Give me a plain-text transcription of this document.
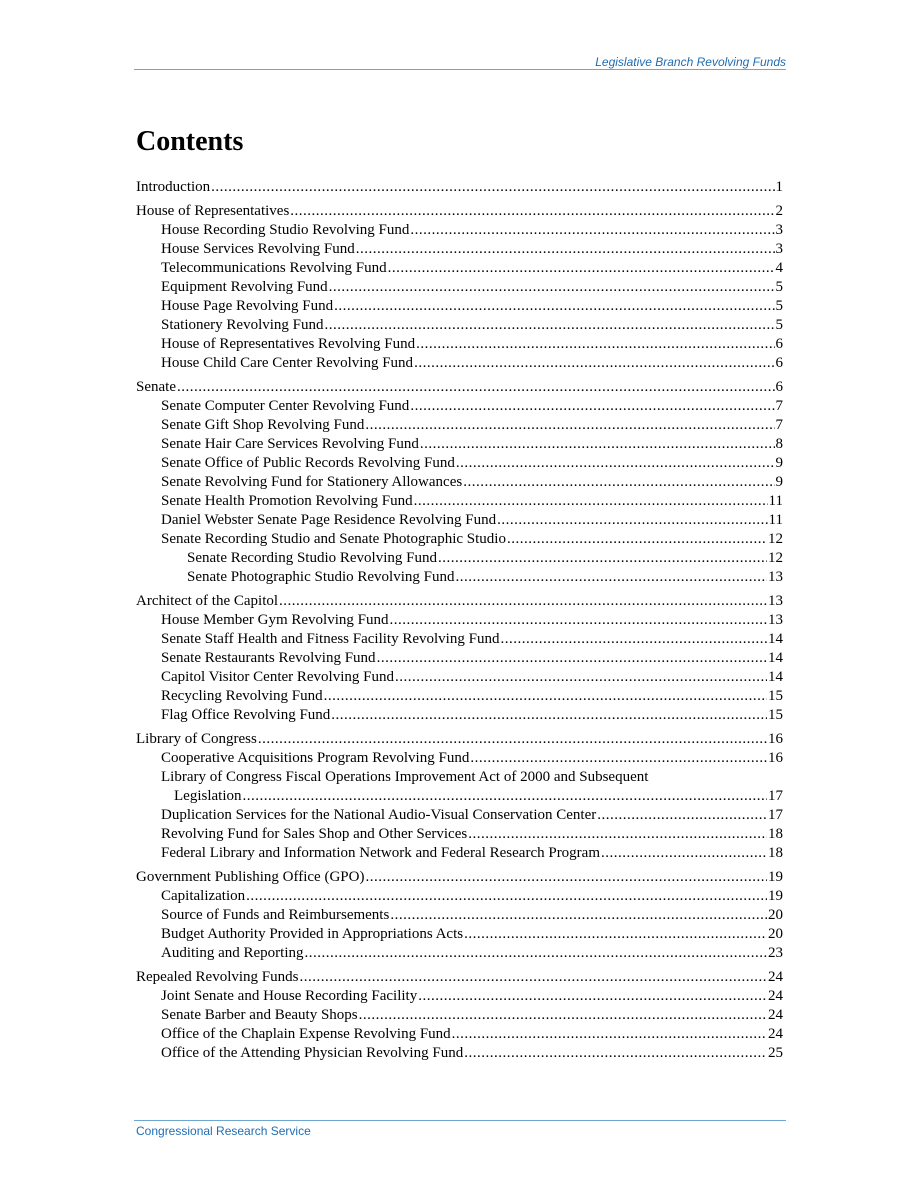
Legislative Branch Revolving Funds
Contents
Introduction .....	1
House of Representatives .....	2
House Recording Studio Revolving Fund .....	3
House Services Revolving Fund .....	3
Telecommunications Revolving Fund .....	4
Equipment Revolving Fund .....	5
House Page Revolving Fund .....	5
Stationery Revolving Fund .....	5
House of Representatives Revolving Fund .....	6
House Child Care Center Revolving Fund .....	6
Senate .....	6
Senate Computer Center Revolving Fund .....	7
Senate Gift Shop Revolving Fund .....	7
Senate Hair Care Services Revolving Fund .....	8
Senate Office of Public Records Revolving Fund .....	9
Senate Revolving Fund for Stationery Allowances .....	9
Senate Health Promotion Revolving Fund .....	11
Daniel Webster Senate Page Residence Revolving Fund .....	11
Senate Recording Studio and Senate Photographic Studio .....	12
Senate Recording Studio Revolving Fund .....	12
Senate Photographic Studio Revolving Fund .....	13
Architect of the Capitol .....	13
House Member Gym Revolving Fund .....	13
Senate Staff Health and Fitness Facility Revolving Fund .....	14
Senate Restaurants Revolving Fund .....	14
Capitol Visitor Center Revolving Fund .....	14
Recycling Revolving Fund .....	15
Flag Office Revolving Fund .....	15
Library of Congress .....	16
Cooperative Acquisitions Program Revolving Fund .....	16
Library of Congress Fiscal Operations Improvement Act of 2000 and Subsequent
Legislation .....	17
Duplication Services for the National Audio-Visual Conservation Center .....	17
Revolving Fund for Sales Shop and Other Services .....	18
Federal Library and Information Network and Federal Research Program .....	18
Government Publishing Office (GPO) .....	19
Capitalization .....	19
Source of Funds and Reimbursements .....	20
Budget Authority Provided in Appropriations Acts .....	20
Auditing and Reporting .....	23
Repealed Revolving Funds .....	24
Joint Senate and House Recording Facility .....	24
Senate Barber and Beauty Shops .....	24
Office of the Chaplain Expense Revolving Fund .....	24
Office of the Attending Physician Revolving Fund .....	25
Congressional Research Service
